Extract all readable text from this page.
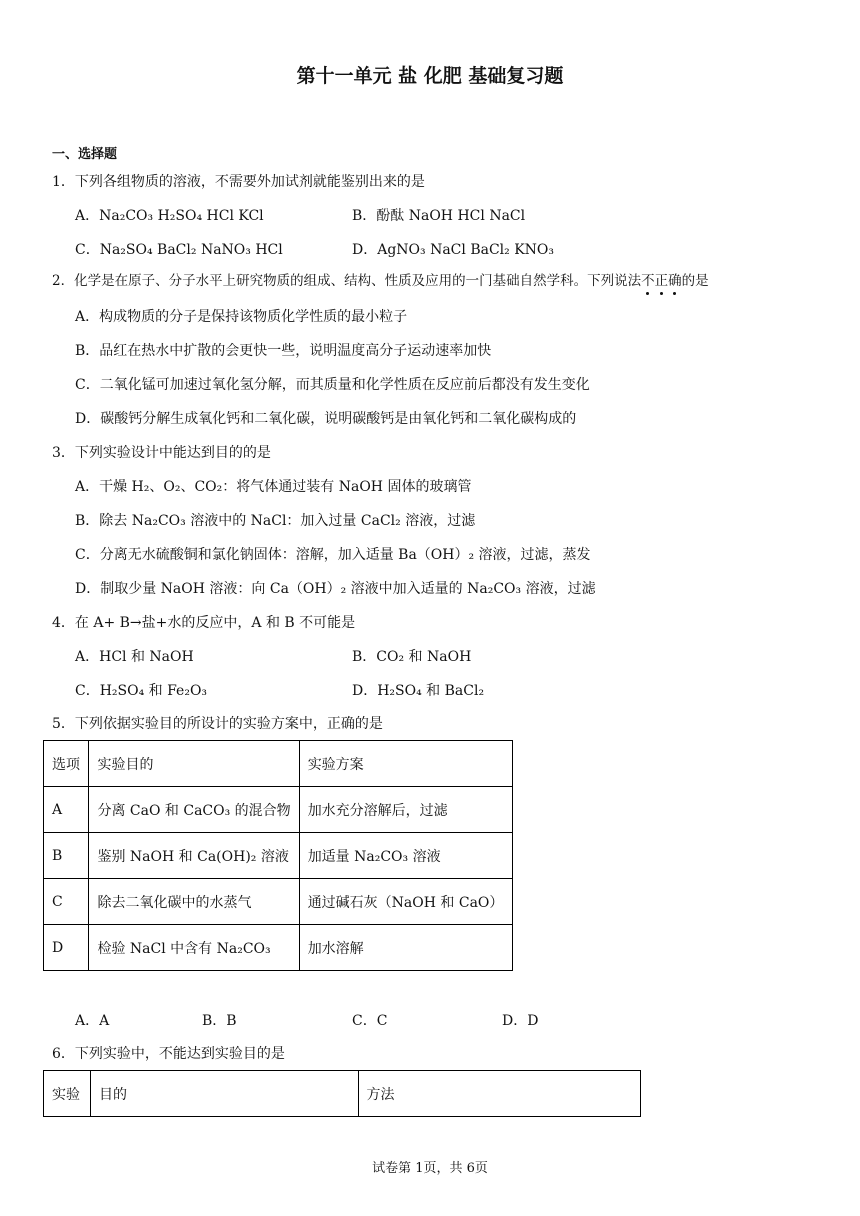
第十一单元 盐 化肥 基础复习题
一、选择题
1．下列各组物质的溶液，不需要外加试剂就能鉴别出来的是
A．Na₂CO₃ H₂SO₄ HCl KCl	B．酚酞 NaOH HCl NaCl
C．Na₂SO₄ BaCl₂ NaNO₃ HCl	D．AgNO₃ NaCl BaCl₂ KNO₃
2．化学是在原子、分子水平上研究物质的组成、结构、性质及应用的一门基础自然学科。下列说法不正确的是
A．构成物质的分子是保持该物质化学性质的最小粒子
B．品红在热水中扩散的会更快一些，说明温度高分子运动速率加快
C．二氧化锰可加速过氧化氢分解，而其质量和化学性质在反应前后都没有发生变化
D．碳酸钙分解生成氧化钙和二氧化碳，说明碳酸钙是由氧化钙和二氧化碳构成的
3．下列实验设计中能达到目的的是
A．干燥 H₂、O₂、CO₂：将气体通过装有 NaOH 固体的玻璃管
B．除去 Na₂CO₃ 溶液中的 NaCl：加入过量 CaCl₂ 溶液，过滤
C．分离无水硫酸铜和氯化钠固体：溶解，加入适量 Ba（OH）₂ 溶液，过滤，蒸发
D．制取少量 NaOH 溶液：向 Ca（OH）₂ 溶液中加入适量的 Na₂CO₃ 溶液，过滤
4．在 A+ B→盐+水的反应中，A 和 B 不可能是
A．HCl 和 NaOH	B．CO₂ 和 NaOH
C．H₂SO₄ 和 Fe₂O₃	D．H₂SO₄ 和 BaCl₂
5．下列依据实验目的所设计的实验方案中，正确的是
选项	实验目的	实验方案
A	分离 CaO 和 CaCO₃ 的混合物	加水充分溶解后，过滤
B	鉴别 NaOH 和 Ca(OH)₂ 溶液	加适量 Na₂CO₃ 溶液
C	除去二氧化碳中的水蒸气	通过碱石灰（NaOH 和 CaO）
D	检验 NaCl 中含有 Na₂CO₃	加水溶解
A．A	B．B	C．C	D．D
6．下列实验中，不能达到实验目的是
实验	目的	方法
试卷第 1页，共 6页
